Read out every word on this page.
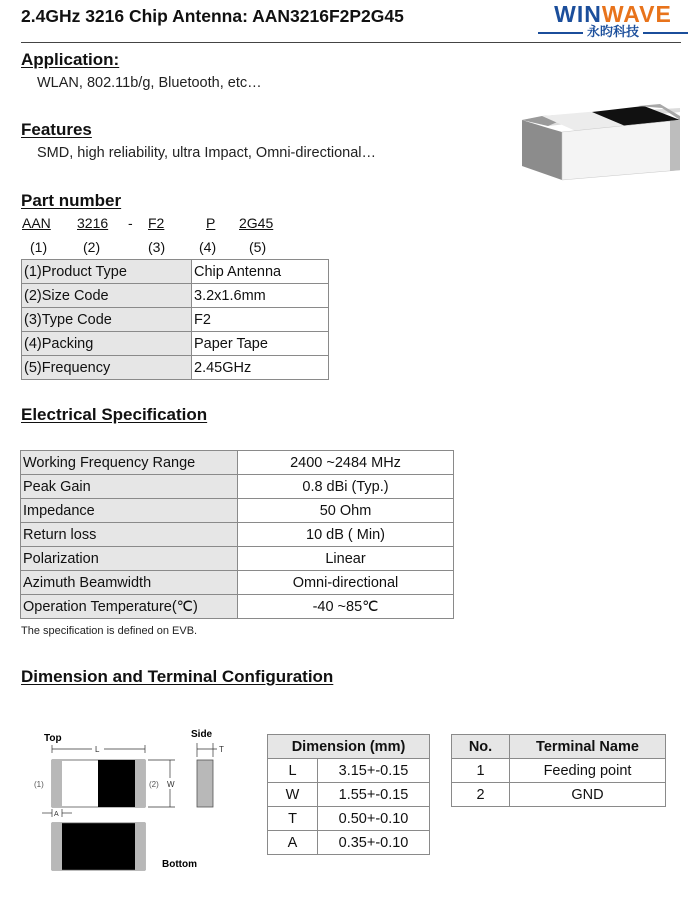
2.4GHz 3216 Chip Antenna: AAN3216F2P2G45	WINWAVE
永昀科技
Application:
WLAN, 802.11b/g, Bluetooth, etc…
Features
SMD, high reliability, ultra Impact, Omni-directional…
Part number
AAN 3216 - F2	P 2G45
(1)	(2)	(3) (4) (5)
(1)Product Type	Chip Antenna
(2)Size Code	3.2x1.6mm
(3)Type Code	F2
(4)Packing	Paper Tape
(5)Frequency	2.45GHz
Electrical Specification
Working Frequency Range	2400 ~2484 MHz
Peak Gain	0.8 dBi (Typ.)
Impedance	50 Ohm
Return loss	10 dB ( Min)
Polarization	Linear
Azimuth Beamwidth	Omni-directional
Operation Temperature(℃)	-40 ~85℃
The specification is defined on EVB.
Dimension and Terminal Configuration
Top	Side
Bottom
L
(1)	(2) W
T
A
Dimension (mm)	
L	3.15+-0.15
W	1.55+-0.15
T	0.50+-0.10
A	0.35+-0.10
No.	Terminal Name
1	Feeding point
2	GND
